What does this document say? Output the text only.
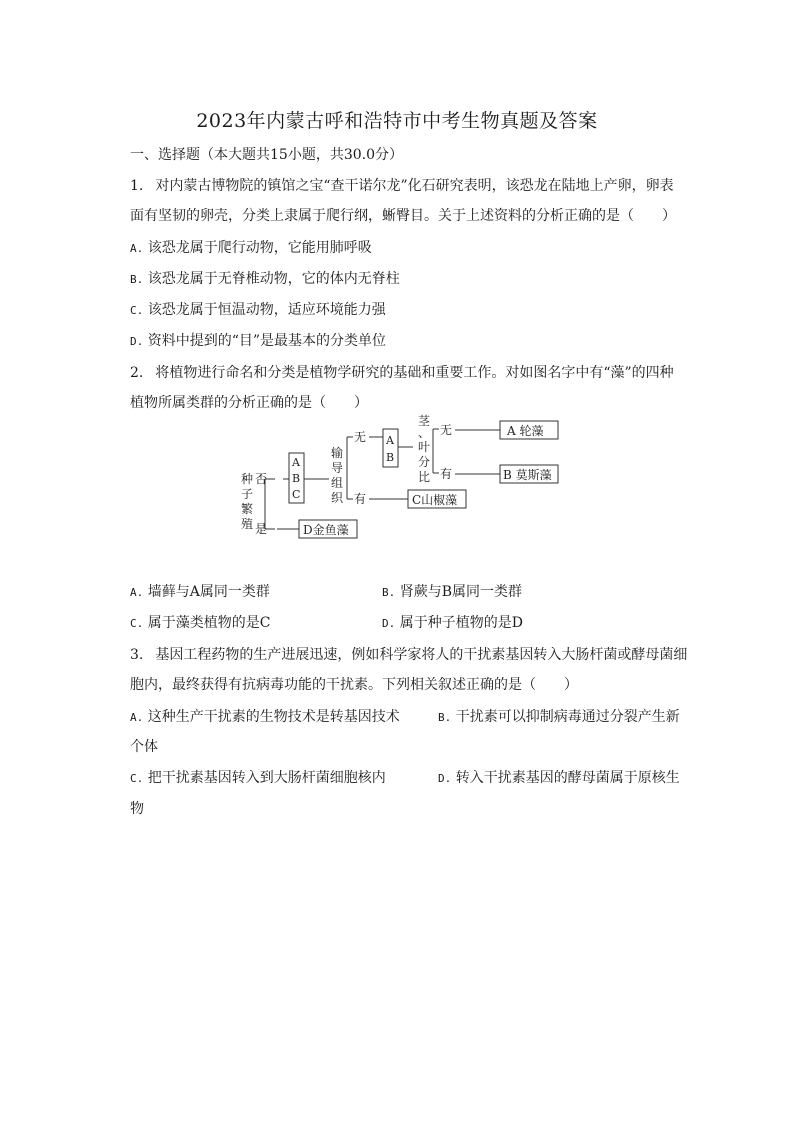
2023年内蒙古呼和浩特市中考生物真题及答案
一、选择题（本大题共15小题，共30.0分）
1. 对内蒙古博物院的镇馆之宝“查干诺尔龙”化石研究表明，该恐龙在陆地上产卵，卵表
面有坚韧的卵壳，分类上隶属于爬行纲，蜥臀目。关于上述资料的分析正确的是（　　）
A. 该恐龙属于爬行动物，它能用肺呼吸
B. 该恐龙属于无脊椎动物，它的体内无脊柱
C. 该恐龙属于恒温动物，适应环境能力强
D. 资料中提到的“目”是最基本的分类单位
2. 将植物进行命名和分类是植物学研究的基础和重要工作。对如图名字中有“藻”的四种
植物所属类群的分析正确的是（　　）
种
子
繁
殖
否
是
A
B
C
输
导
组
织
无
有
A
B
茎
、
叶
分
比
无
有
A 轮藻
B 莫斯藻
C山椒藻
D金鱼藻
A. 墙藓与A属同一类群	B. 肾蕨与B属同一类群
C. 属于藻类植物的是C	D. 属于种子植物的是D
3. 基因工程药物的生产进展迅速，例如科学家将人的干扰素基因转入大肠杆菌或酵母菌细
胞内，最终获得有抗病毒功能的干扰素。下列相关叙述正确的是（　　）
A. 这种生产干扰素的生物技术是转基因技术	B. 干扰素可以抑制病毒通过分裂产生新
个体
C. 把干扰素基因转入到大肠杆菌细胞核内	D. 转入干扰素基因的酵母菌属于原核生
物
